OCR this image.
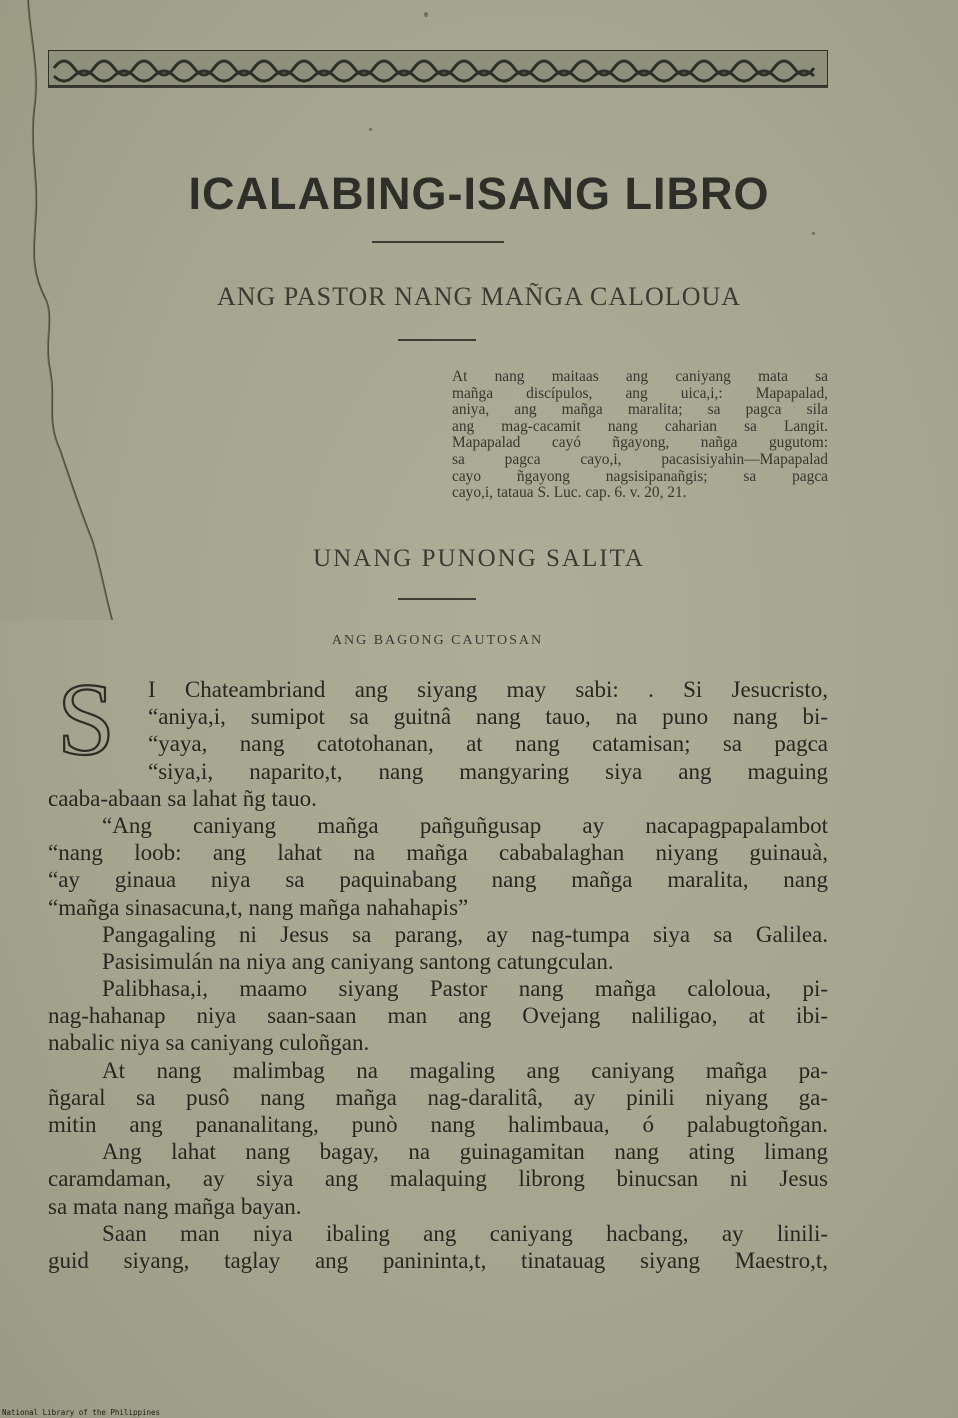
ICALABING-ISANG LIBRO
ANG PASTOR NANG MAÑGA CALOLOUA
At nang maitaas ang caniyang mata sa
mañga discípulos, ang uica,i,: Mapapalad,
aniya, ang mañga maralita; sa pagca sila
ang mag-cacamit nang caharian sa Langit.
Mapapalad cayó ñgayong, nañga gugutom:
sa pagca cayo,i, pacasisiyahin—Mapapalad
cayo ñgayong nagsisipanañgis; sa pagca
cayo,i, tataua S. Luc. cap. 6. v. 20, 21.
UNANG PUNONG SALITA
ANG BAGONG CAUTOSAN
S	I Chateambriand ang siyang may sabi: . Si Jesucristo,
“aniya,i, sumipot sa guitnâ nang tauo, na puno nang bi-
“yaya, nang catotohanan, at nang catamisan; sa pagca
“siya,i, naparito,t, nang mangyaring siya ang maguing
caaba-abaan sa lahat ñg tauo.
“Ang caniyang mañga pañguñgusap ay nacapagpapalambot
“nang loob: ang lahat na mañga cababalaghan niyang guinauà,
“ay ginaua niya sa paquinabang nang mañga maralita, nang
“mañga sinasacuna,t, nang mañga nahahapis”
Pangagaling ni Jesus sa parang, ay nag-tumpa siya sa Galilea.
Pasisimulán na niya ang caniyang santong catungculan.
Palibhasa,i, maamo siyang Pastor nang mañga caloloua, pi-
nag-hahanap niya saan-saan man ang Ovejang naliligao, at ibi-
nabalic niya sa caniyang culoñgan.
At nang malimbag na magaling ang caniyang mañga pa-
ñgaral sa pusô nang mañga nag-daralitâ, ay pinili niyang ga-
mitin ang pananalitang, punò nang halimbaua, ó palabugtoñgan.
Ang lahat nang bagay, na guinagamitan nang ating limang
caramdaman, ay siya ang malaquing librong binucsan ni Jesus
sa mata nang mañga bayan.
Saan man niya ibaling ang caniyang hacbang, ay linili-
guid siyang, taglay ang panininta,t, tinatauag siyang Maestro,t,
National Library of the Philippines
